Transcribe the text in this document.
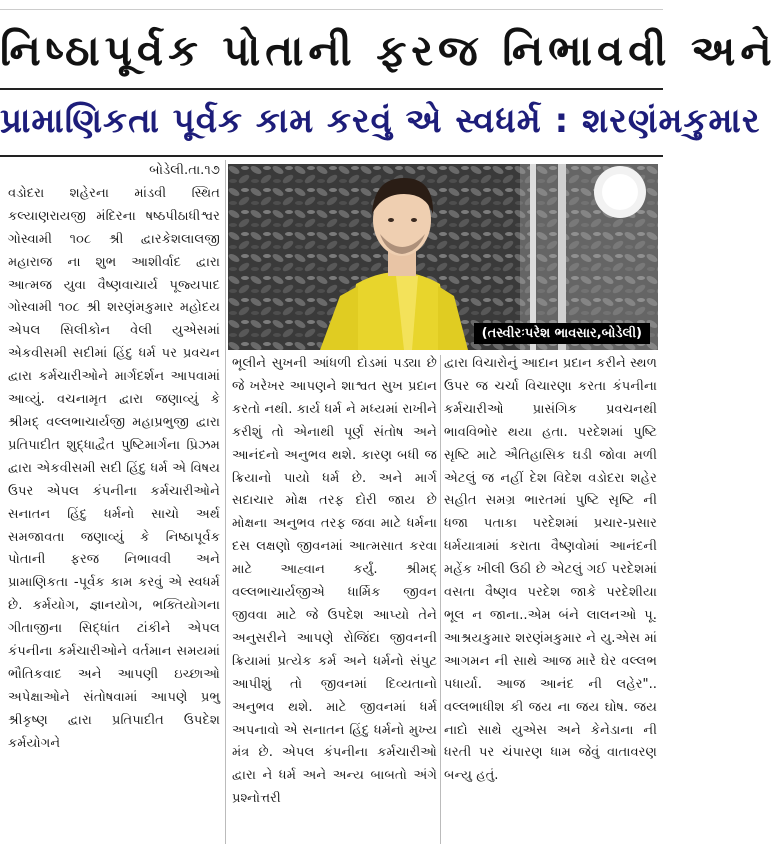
નિષ્ઠાપૂર્વક પોતાની ફરજ નિભાવવી અને
પ્રામાણિકતા પૂર્વક કામ કરવું એ સ્વધર્મ : શરણંમકુમાર
બોડેલી.તા.૧૭

વડોદરા શહેરના માંડવી સ્થિત કલ્યાણરાયજી મંદિરના ષષ્ઠપીઠાધીશ્વર ગોસ્વામી ૧૦૮ શ્રી દ્વારકેશલાલજી મહારાજ ના શુભ આશીર્વાદ દ્વારા આત્મજ યુવા વૈષ્ણવાચાર્ય પૂજ્યપાદ ગોસ્વામી ૧૦૮ શ્રી શરણંમકુમાર મહોદય એપલ સિલીકોન વેલી યુએસમાં એકવીસમી સદીમાં હિંદુ ધર્મ પર પ્રવચન દ્વારા કર્મચારીઓને માર્ગદર્શન આપવામાં આવ્યું. વચનામૃત દ્વારા જણાવ્યું કે શ્રીમદ્ વલ્લભાચાર્યજી મહાપ્રભુજી દ્વારા પ્રતિપાદીત શુદ્ધાદ્વૈત પુષ્ટિમાર્ગના પ્રિઝમ દ્વારા એકવીસમી સદી હિંદુ ધર્મ એ વિષય ઉપર એપલ કંપનીના કર્મચારીઓને સનાતન હિંદુ ધર્મનો સાચો અર્થ સમજાવતા જણાવ્યું કે નિષ્ઠાપૂર્વક પોતાની ફરજ નિભાવવી અને પ્રામાણિકતા -પૂર્વક કામ કરવું એ સ્વધર્મ છે. કર્મયોગ, જ્ઞાનયોગ, ભક્તિયોગના ગીતાજીના સિદ્ધાંત ટાંકીને એપલ કંપનીના કર્મચારીઓને વર્તમાન સમયમાં ભૌતિકવાદ અને આપણી ઇચ્છાઓ અપેક્ષાઓને સંતોષવામાં આપણે પ્રભુ શ્રીકૃષ્ણ દ્વારા પ્રતિપાદીત ઉપદેશ કર્મયોગને

(તસ્વીરઃપરેશ ભાવસાર,બોડેલી)

ભૂલીને સુખની આંધળી દોડમાં પડ્યા છે જે ખરેખર આપણને શાશ્વત સુખ પ્રદાન કરતો નથી. કાર્ય ધર્મ ને મધ્યમાં રાખીને કરીશું તો એનાથી પૂર્ણ સંતોષ અને આનંદનો અનુભવ થશે. કારણ બધી જ ક્રિયાનો પાયો ધર્મ છે. અને માર્ગ સદાચાર મોક્ષ તરફ દોરી જાય છે મોક્ષના અનુભવ તરફ જવા માટે ધર્મના દસ લક્ષણો જીવનમાં આત્મસાત કરવા માટે આહ્વાન કર્યું. શ્રીમદ્ વલ્લભાચાર્યજીએ ધાર્મિક જીવન જીવવા માટે જે ઉપદેશ આપ્યો તેને અનુસરીને આપણે રોજિંદા જીવનની ક્રિયામાં પ્રત્યેક કર્મ અને ધર્મનો સંપુટ આપીશું તો જીવનમાં દિવ્યતાનો અનુભવ થશે. માટે જીવનમાં ધર્મ અપનાવો એ સનાતન હિંદુ ધર્મનો મુખ્ય મંત્ર છે. એપલ કંપનીના કર્મચારીઓ દ્વારા ને ધર્મ અને અન્ય બાબતો અંગે પ્રશ્નોત્તરી

દ્વારા વિચારોનું આદાન પ્રદાન કરીને સ્થળ ઉપર જ ચર્ચા વિચારણા કરતા કંપનીના કર્મચારીઓ પ્રાસંગિક પ્રવચનથી ભાવવિભોર થયા હતા. પરદેશમાં પુષ્ટિ સૃષ્ટિ માટે ઐતિહાસિક ઘડી જોવા મળી એટલું જ નહીં દેશ વિદેશ વડોદરા શહેર સહીત સમગ્ર ભારતમાં પુષ્ટિ સૃષ્ટિ ની ધજા પતાકા પરદેશમાં પ્રચાર-પ્રસાર ધર્મયાત્રામાં કરાતા વૈષ્ણવોમાં આનંદની મહેંક ખીલી ઉઠી છે એટલું ગઈ પરદેશમાં વસતા વૈષ્ણવ પરદેશ જાકે પરદેશીયા ભૂલ ન જાના..એમ બંને લાલનઓ પૂ. આશ્રયકુમાર શરણંમકુમાર ને યુ.એસ માં આગમન ની સાથે આજ મારે ઘેર વલ્લભ પધાર્યા. આજ આનંદ ની લહેર".. વલ્લભાધીશ કી જય ના જય ઘોષ. જય નાદો સાથે યુએસ અને કેનેડાના ની ધરતી પર ચંપારણ ધામ જેવું વાતાવરણ બન્યુ હતું.
